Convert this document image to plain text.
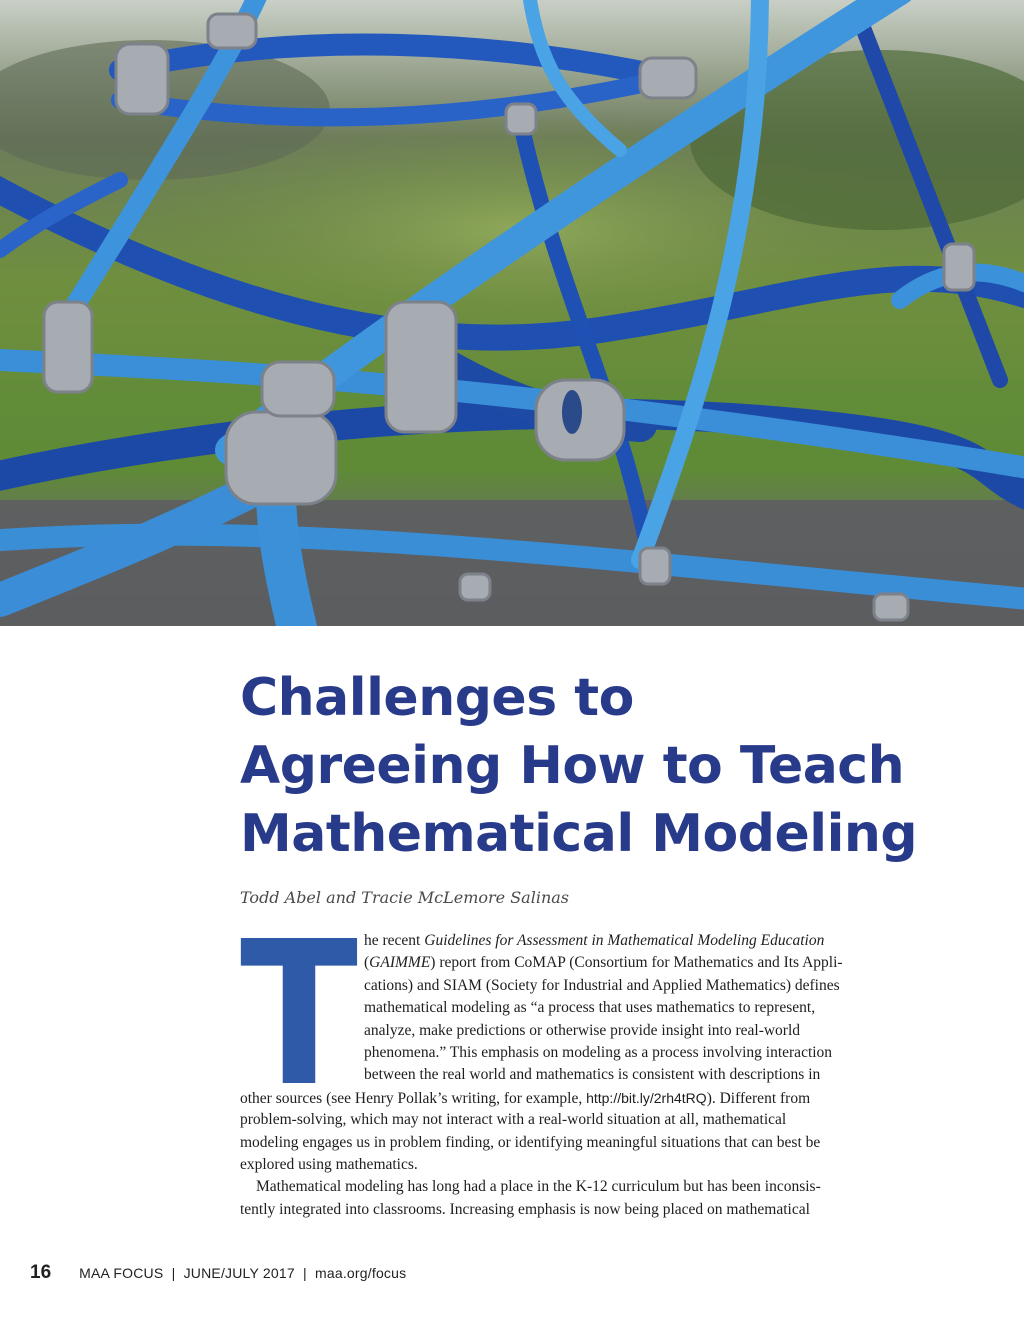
Challenges to
Agreeing How to Teach
Mathematical Modeling

Todd Abel and Tracie McLemore Salinas

T he recent Guidelines for Assessment in Mathematical Modeling Education
(GAIMME) report from CoMAP (Consortium for Mathematics and Its Appli-
cations) and SIAM (Society for Industrial and Applied Mathematics) defines
mathematical modeling as “a process that uses mathematics to represent,
analyze, make predictions or otherwise provide insight into real-world
phenomena.” This emphasis on modeling as a process involving interaction
between the real world and mathematics is consistent with descriptions in
other sources (see Henry Pollak’s writing, for example, http://bit.ly/2rh4tRQ). Different from
problem-solving, which may not interact with a real-world situation at all, mathematical
modeling engages us in problem finding, or identifying meaningful situations that can best be
explored using mathematics.
Mathematical modeling has long had a place in the K-12 curriculum but has been inconsis-
tently integrated into classrooms. Increasing emphasis is now being placed on mathematical
16 MAA FOCUS  |  JUNE/JULY 2017  |  maa.org/focus
